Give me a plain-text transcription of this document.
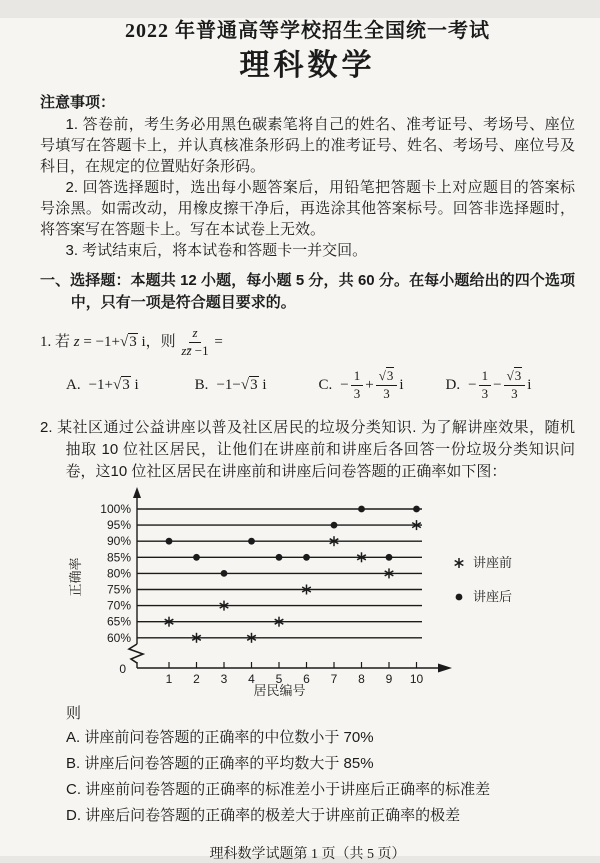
2022 年普通高等学校招生全国统一考试
理科数学
注意事项：

1. 答卷前，考生务必用黑色碳素笔将自己的姓名、准考证号、考场号、座位号填写在答题卡上，并认真核准条形码上的准考证号、姓名、考场号、座位号及科目，在规定的位置贴好条形码。

2. 回答选择题时，选出每小题答案后，用铅笔把答题卡上对应题目的答案标号涂黑。如需改动，用橡皮擦干净后，再选涂其他答案标号。回答非选择题时，将答案写在答题卡上。写在本试卷上无效。

3. 考试结束后，将本试卷和答题卡一并交回。

一、选择题：本题共 12 小题，每小题 5 分，共 60 分。在每小题给出的四个选项中，只有一项是符合题目要求的。
1. 若 z = −1+√3 i，则 $\frac{z}{zz̄ -1}$ =
A. −1+√3 i	B. −1−√3 i	C. − $\frac{1}{3} + \frac{√3}{3}$ i	D. − $\frac{1}{3} - \frac{√3}{3}$ i
2. 某社区通过公益讲座以普及社区居民的垃圾分类知识. 为了解讲座效果，随机抽取 10 位社区居民，让他们在讲座前和讲座后各回答一份垃圾分类知识问卷，这10 位社区居民在讲座前和讲座后问卷答题的正确率如下图：
100%
95%
90%
85%
80%
75%
70%
65%
60%
0
正确率
1 2 3 4 5 6 7 8 9 10
居民编号
讲座前
讲座后
则
A. 讲座前问卷答题的正确率的中位数小于 70%
B. 讲座后问卷答题的正确率的平均数大于 85%
C. 讲座前问卷答题的正确率的标准差小于讲座后正确率的标准差
D. 讲座后问卷答题的正确率的极差大于讲座前正确率的极差
理科数学试题第 1 页（共 5 页）
